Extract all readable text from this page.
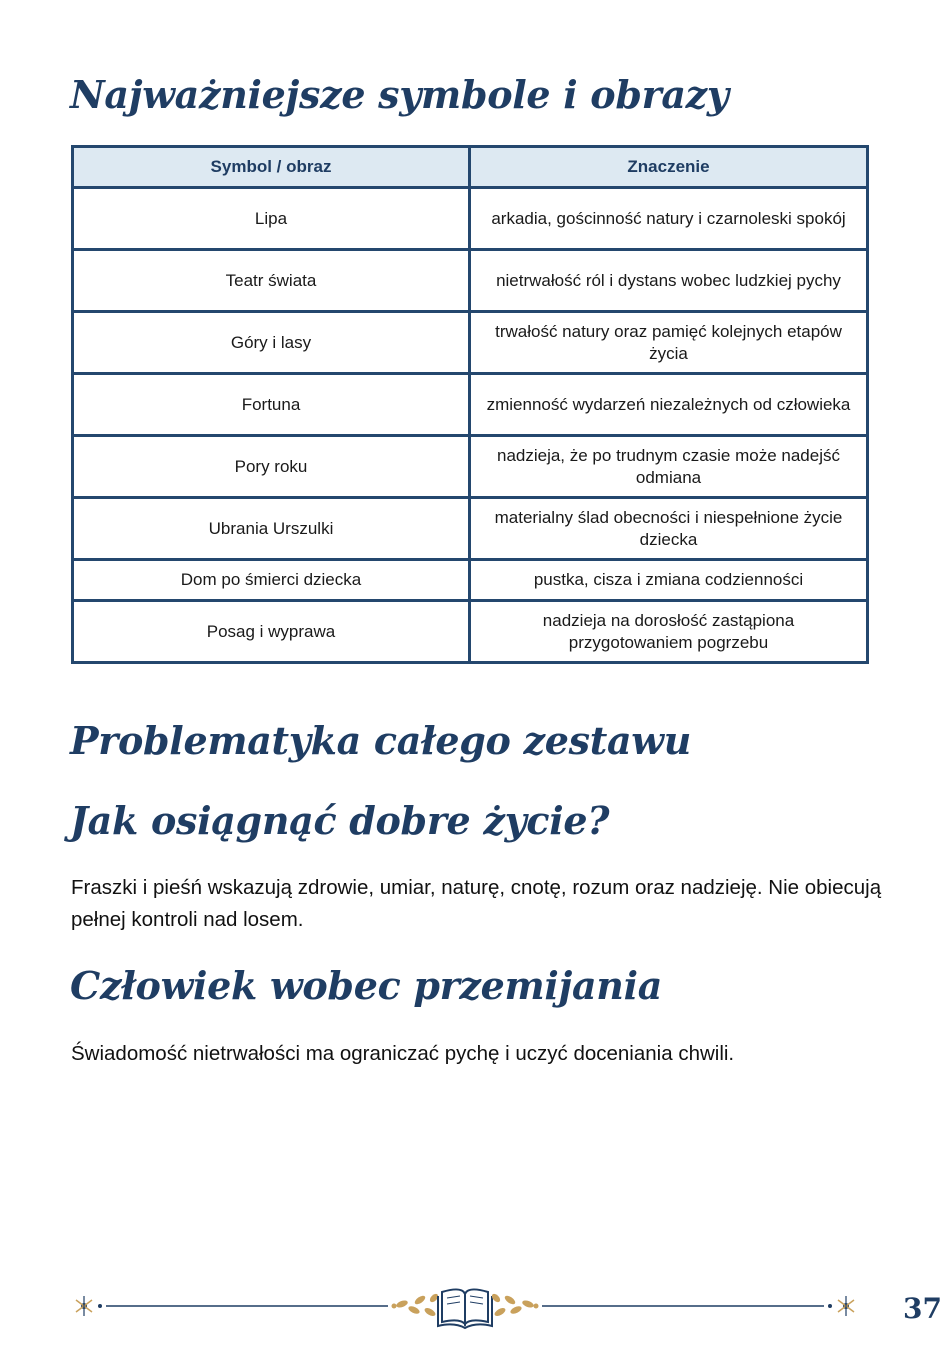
Najważniejsze symbole i obrazy
Symbol / obraz	Znaczenie
Lipa	arkadia, gościnność natury i czarnoleski spokój
Teatr świata	nietrwałość ról i dystans wobec ludzkiej pychy
Góry i lasy	trwałość natury oraz pamięć kolejnych etapów życia
Fortuna	zmienność wydarzeń niezależnych od człowieka
Pory roku	nadzieja, że po trudnym czasie może nadejść odmiana
Ubrania Urszulki	materialny ślad obecności i niespełnione życie dziecka
Dom po śmierci dziecka	pustka, cisza i zmiana codzienności
Posag i wyprawa	nadzieja na dorosłość zastąpiona przygotowaniem pogrzebu
Problematyka całego zestawu
Jak osiągnąć dobre życie?

Fraszki i pieśń wskazują zdrowie, umiar, naturę, cnotę, rozum oraz nadzieję. Nie obiecują pełnej kontroli nad losem.

Człowiek wobec przemijania

Świadomość nietrwałości ma ograniczać pychę i uczyć doceniania chwili.

37
